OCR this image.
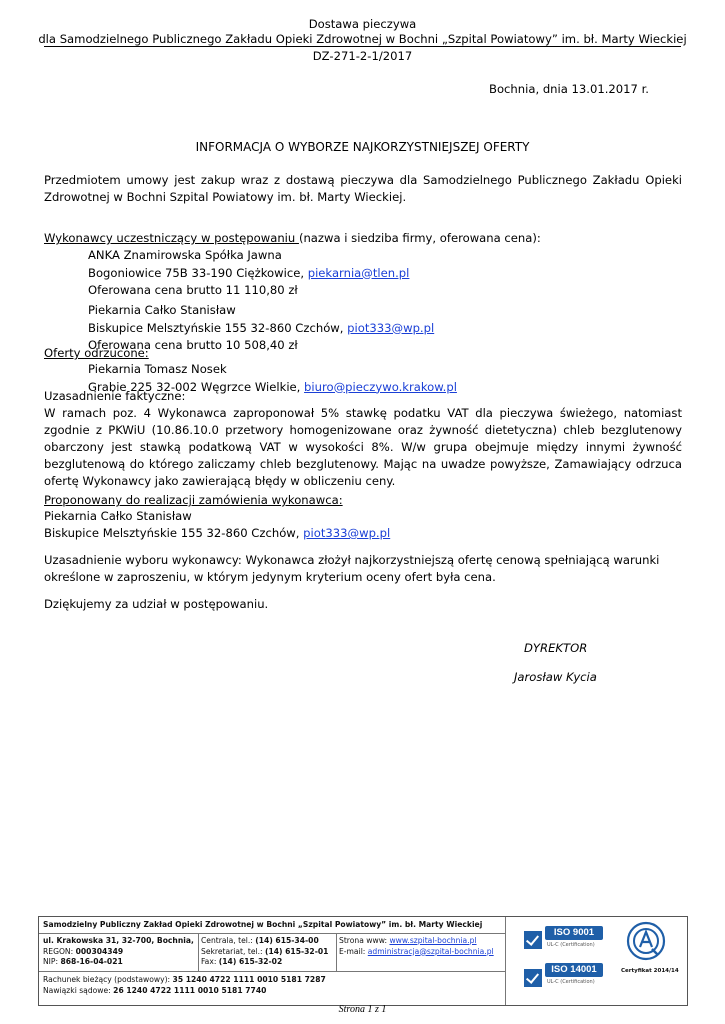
Dostawa pieczywa
dla Samodzielnego Publicznego Zakładu Opieki Zdrowotnej w Bochni „Szpital Powiatowy” im. bł. Marty Wieckiej
DZ-271-2-1/2017
Bochnia, dnia 13.01.2017 r.
INFORMACJA O WYBORZE NAJKORZYSTNIEJSZEJ OFERTY
Przedmiotem umowy jest zakup wraz z dostawą pieczywa dla Samodzielnego Publicznego Zakładu Opieki Zdrowotnej w Bochni Szpital Powiatowy im. bł. Marty Wieckiej.
Wykonawcy uczestniczący w postępowaniu (nazwa i siedziba firmy, oferowana cena):
ANKA Znamirowska Spółka Jawna
Bogoniowice 75B 33-190 Ciężkowice, piekarnia@tlen.pl
Oferowana cena brutto 11 110,80 zł
Piekarnia Całko Stanisław
Biskupice Melsztyńskie 155 32-860 Czchów, piot333@wp.pl
Oferowana cena brutto 10 508,40 zł
Oferty odrzucone:
Piekarnia Tomasz Nosek
Grabie 225 32-002 Węgrzce Wielkie, biuro@pieczywo.krakow.pl
Uzasadnienie faktyczne:
W ramach poz. 4 Wykonawca zaproponował 5% stawkę podatku VAT dla pieczywa świeżego, natomiast zgodnie z PKWiU (10.86.10.0 przetwory homogenizowane oraz żywność dietetyczna) chleb bezglutenowy obarczony jest stawką podatkową VAT w wysokości 8%. W/w grupa obejmuje między innymi żywność bezglutenową do którego zaliczamy chleb bezglutenowy. Mając na uwadze powyższe, Zamawiający odrzuca ofertę Wykonawcy jako zawierającą błędy w obliczeniu ceny.
Proponowany do realizacji zamówienia wykonawca:
Piekarnia Całko Stanisław
Biskupice Melsztyńskie 155 32-860 Czchów, piot333@wp.pl
Uzasadnienie wyboru wykonawcy: Wykonawca złożył najkorzystniejszą ofertę cenową spełniającą warunki określone w zaproszeniu, w którym jedynym kryterium oceny ofert była cena.
Dziękujemy za udział w postępowaniu.
DYREKTOR
Jarosław Kycia
Samodzielny Publiczny Zakład Opieki Zdrowotnej w Bochni „Szpital Powiatowy” im. bł. Marty Wieckiej
ul. Krakowska 31, 32-700, Bochnia,
REGON: 000304349
NIP: 868-16-04-021
Centrala, tel.: (14) 615-34-00
Sekretariat, tel.: (14) 615-32-01
Fax: (14) 615-32-02
Strona www: www.szpital-bochnia.pl
E-mail: administracja@szpital-bochnia.pl
Rachunek bieżący (podstawowy): 35 1240 4722 1111 0010 5181 7287
Nawiązki sądowe: 26 1240 4722 1111 0010 5181 7740
ISO 9001
UL-C (Certification)
ISO 14001
UL-C (Certification)
Certyfikat 2014/14
Strona 1 z 1
